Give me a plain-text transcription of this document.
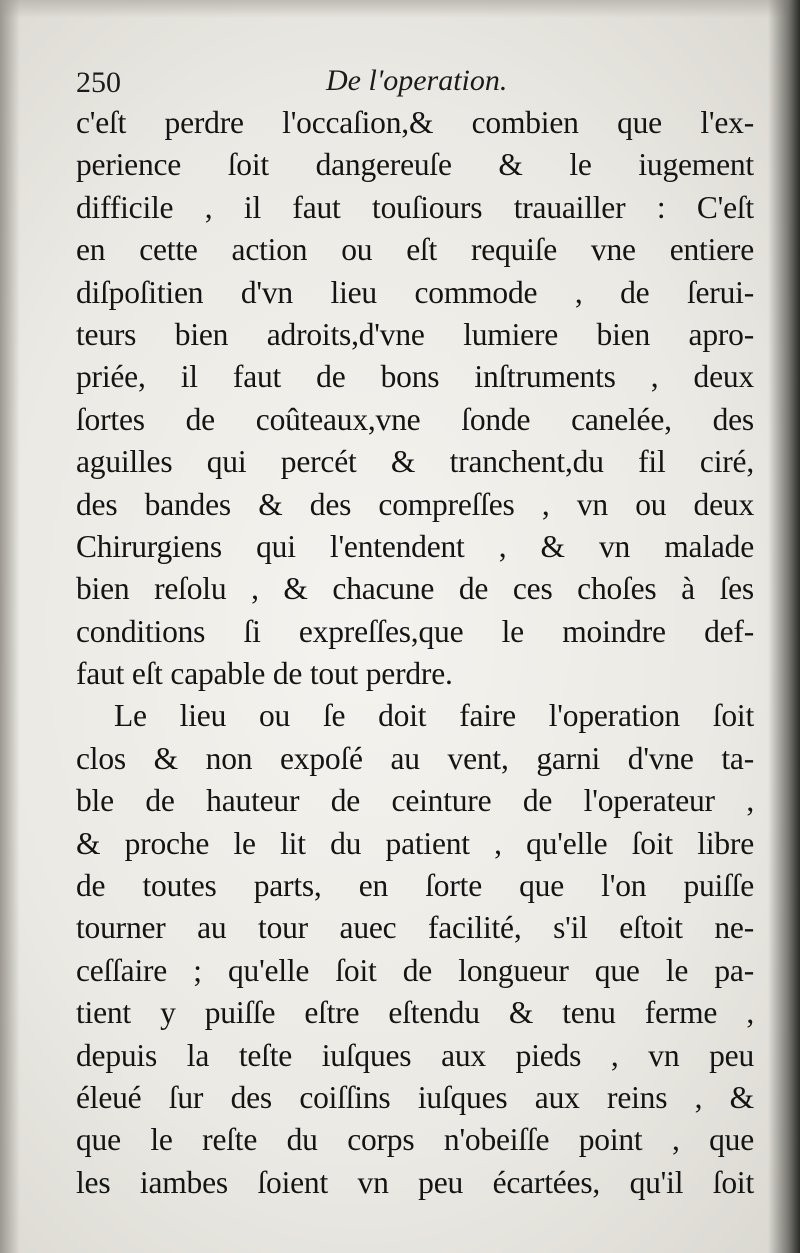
250	De l'operation.
c'eſt perdre l'occaſion,& combien que l'ex-
perience ſoit dangereuſe & le iugement
difficile , il faut touſiours trauailler : C'eſt
en cette action ou eſt requiſe vne entiere
diſpoſitien d'vn lieu commode , de ſerui-
teurs bien adroits,d'vne lumiere bien apro-
priée, il faut de bons inſtruments , deux
ſortes de coûteaux,vne ſonde canelée, des
aguilles qui percét & tranchent,du fil ciré,
des bandes & des compreſſes , vn ou deux
Chirurgiens qui l'entendent , & vn malade
bien reſolu , & chacune de ces choſes à ſes
conditions ſi expreſſes,que le moindre def-
faut eſt capable de tout perdre.
Le lieu ou ſe doit faire l'operation ſoit
clos & non expoſé au vent, garni d'vne ta-
ble de hauteur de ceinture de l'operateur ,
& proche le lit du patient , qu'elle ſoit libre
de toutes parts, en ſorte que l'on puiſſe
tourner au tour auec facilité, s'il eſtoit ne-
ceſſaire ; qu'elle ſoit de longueur que le pa-
tient y puiſſe eſtre eſtendu & tenu ferme ,
depuis la teſte iuſques aux pieds , vn peu
éleué ſur des coiſſins iuſques aux reins , &
que le reſte du corps n'obeiſſe point , que
les iambes ſoient vn peu écartées, qu'il ſoit
